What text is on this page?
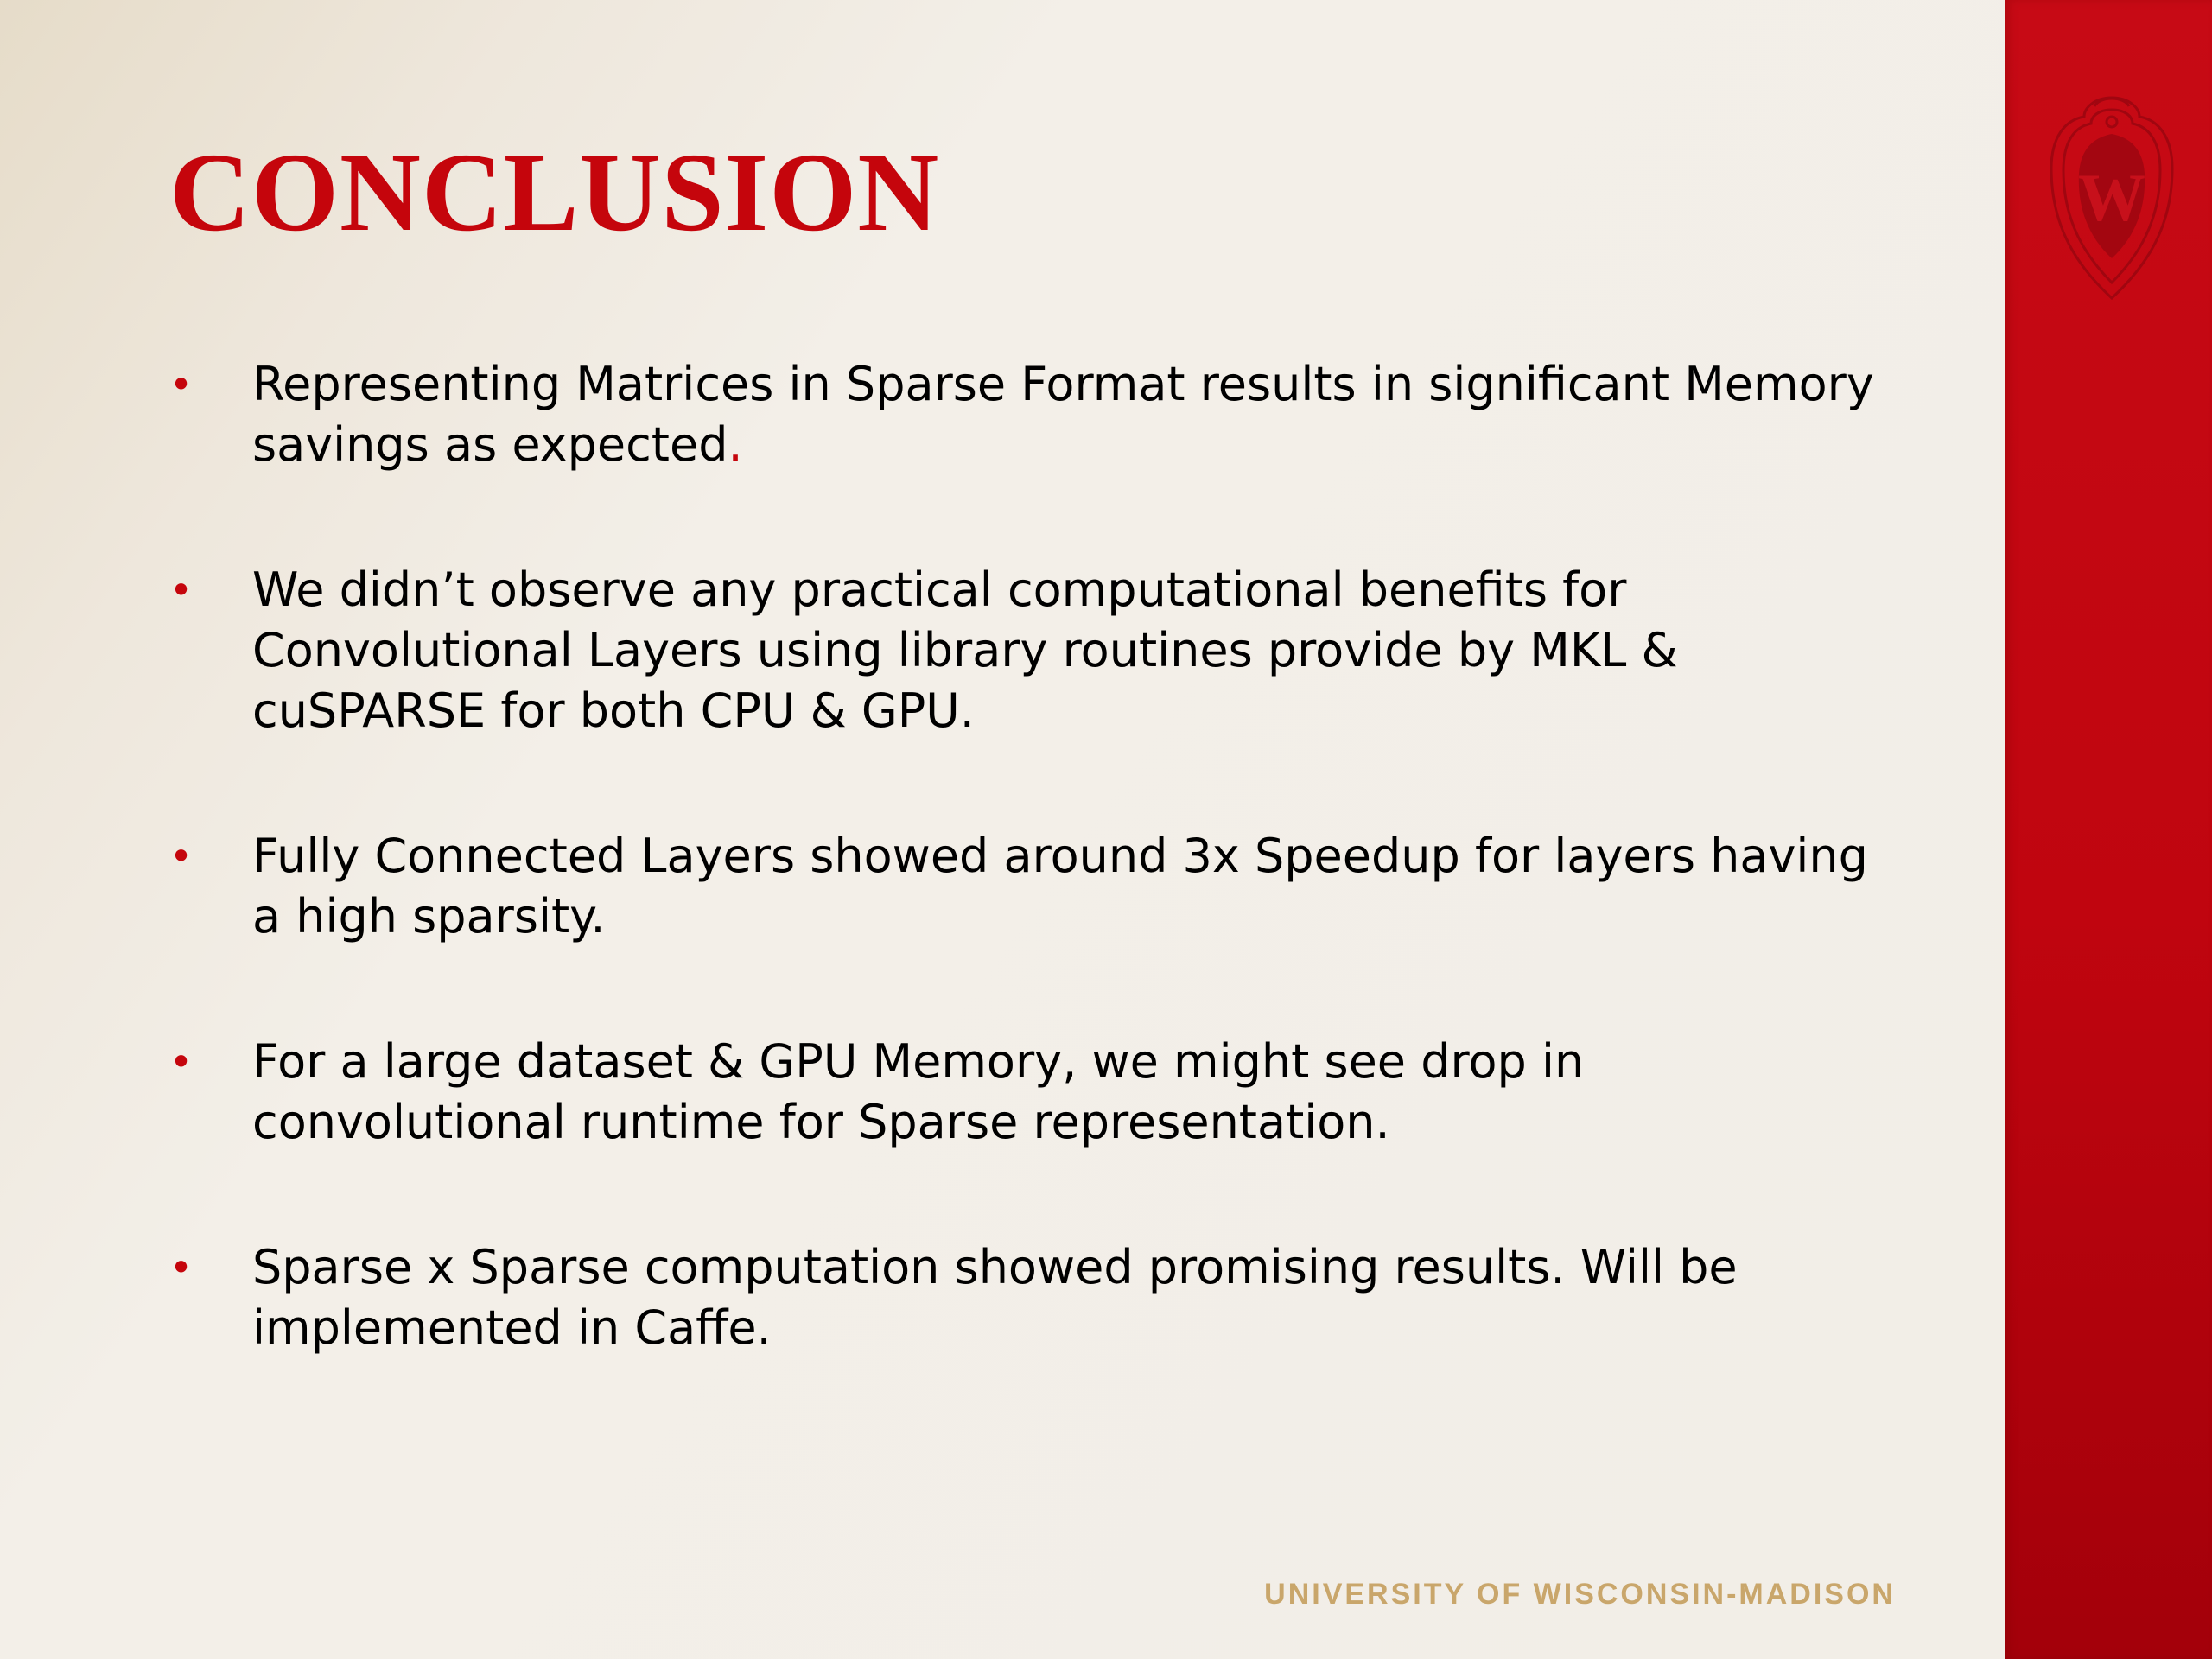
CONCLUSION
• Representing Matrices in Sparse Format results in significant Memory savings as expected.
• We didn’t observe any practical computational benefits for Convolutional Layers using library routines provide by MKL & cuSPARSE for both CPU & GPU.
• Fully Connected Layers showed around 3x Speedup for layers having a high sparsity.
• For a large dataset & GPU Memory, we might see drop in convolutional runtime for Sparse representation.
• Sparse x Sparse computation showed promising results. Will be implemented in Caffe.
UNIVERSITY OF WISCONSIN-MADISON
W
